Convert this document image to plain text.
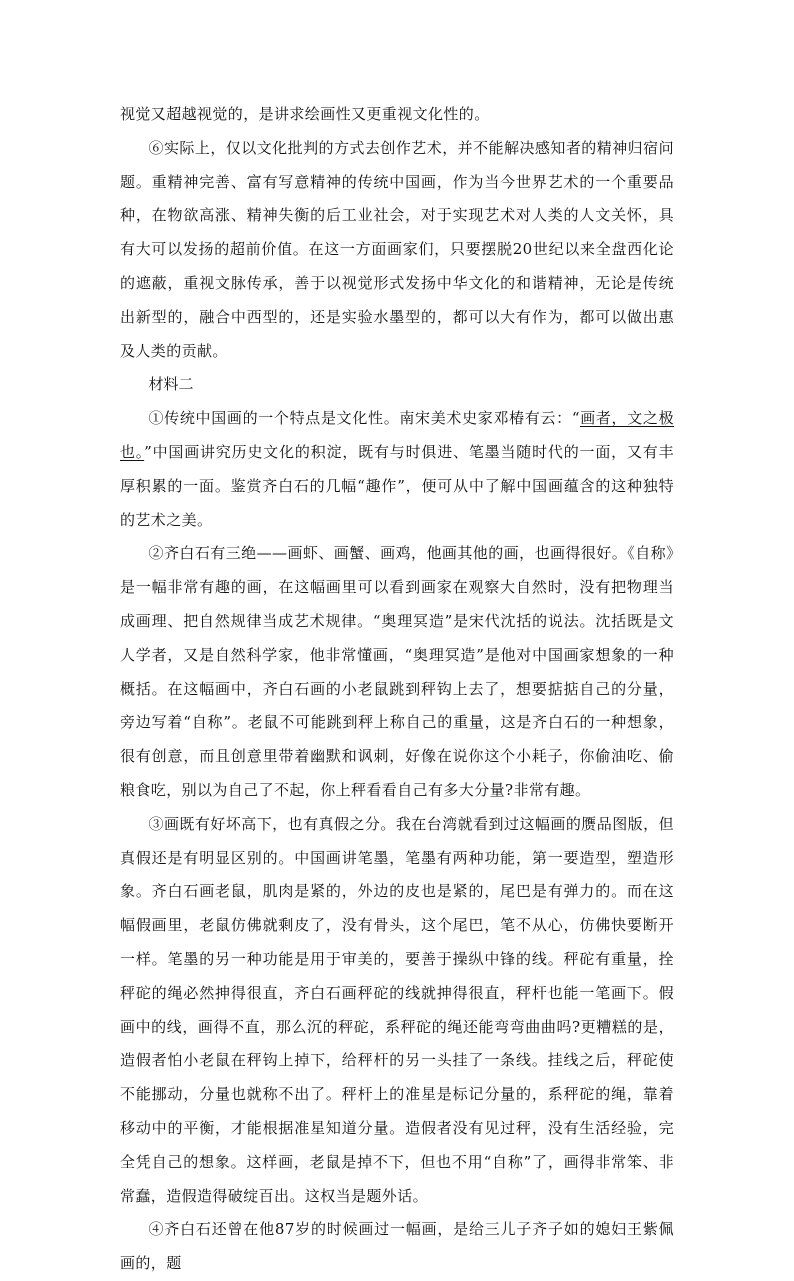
视觉又超越视觉的，是讲求绘画性又更重视文化性的。

⑥实际上，仅以文化批判的方式去创作艺术，并不能解决感知者的精神归宿问题。重精神完善、富有写意精神的传统中国画，作为当今世界艺术的一个重要品种，在物欲高涨、精神失衡的后工业社会，对于实现艺术对人类的人文关怀，具有大可以发扬的超前价值。在这一方面画家们，只要摆脱20世纪以来全盘西化论的遮蔽，重视文脉传承，善于以视觉形式发扬中华文化的和谐精神，无论是传统出新型的，融合中西型的，还是实验水墨型的，都可以大有作为，都可以做出惠及人类的贡献。

材料二

①传统中国画的一个特点是文化性。南宋美术史家邓椿有云：“画者，文之极也。”中国画讲究历史文化的积淀，既有与时俱进、笔墨当随时代的一面，又有丰厚积累的一面。鉴赏齐白石的几幅“趣作”，便可从中了解中国画蕴含的这种独特的艺术之美。

②齐白石有三绝——画虾、画蟹、画鸡，他画其他的画，也画得很好。《自称》是一幅非常有趣的画，在这幅画里可以看到画家在观察大自然时，没有把物理当成画理、把自然规律当成艺术规律。“奥理冥造”是宋代沈括的说法。沈括既是文人学者，又是自然科学家，他非常懂画，“奥理冥造”是他对中国画家想象的一种概括。在这幅画中，齐白石画的小老鼠跳到秤钩上去了，想要掂掂自己的分量，旁边写着“自称”。老鼠不可能跳到秤上称自己的重量，这是齐白石的一种想象，很有创意，而且创意里带着幽默和讽刺，好像在说你这个小耗子，你偷油吃、偷粮食吃，别以为自己了不起，你上秤看看自己有多大分量?非常有趣。

③画既有好坏高下，也有真假之分。我在台湾就看到过这幅画的赝品图版，但真假还是有明显区别的。中国画讲笔墨，笔墨有两种功能，第一要造型，塑造形象。齐白石画老鼠，肌肉是紧的，外边的皮也是紧的，尾巴是有弹力的。而在这幅假画里，老鼠仿佛就剩皮了，没有骨头，这个尾巴，笔不从心，仿佛快要断开一样。笔墨的另一种功能是用于审美的，要善于操纵中锋的线。秤砣有重量，拴秤砣的绳必然抻得很直，齐白石画秤砣的线就抻得很直，秤杆也能一笔画下。假画中的线，画得不直，那么沉的秤砣，系秤砣的绳还能弯弯曲曲吗?更糟糕的是，造假者怕小老鼠在秤钩上掉下，给秤杆的另一头挂了一条线。挂线之后，秤砣使不能挪动，分量也就称不出了。秤杆上的准星是标记分量的，系秤砣的绳，靠着移动中的平衡，才能根据准星知道分量。造假者没有见过秤，没有生活经验，完全凭自己的想象。这样画，老鼠是掉不下，但也不用“自称”了，画得非常笨、非常蠢，造假造得破绽百出。这权当是题外话。

④齐白石还曾在他87岁的时候画过一幅画，是给三儿子齐子如的媳妇王紫佩画的，题
